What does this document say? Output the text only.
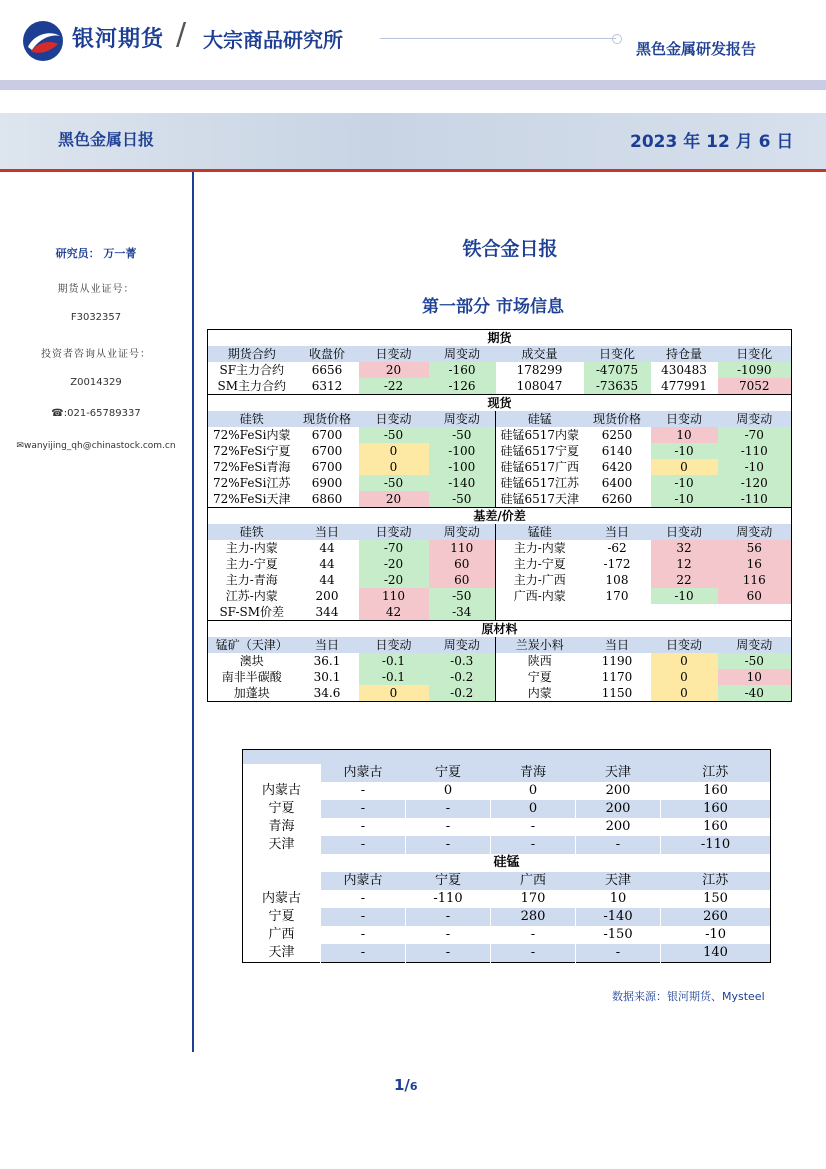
银河期货 / 大宗商品研究所	黑色金属研发报告
黑色金属日报	2023 年 12 月 6 日
研究员： 万一菁
期货从业证号：
F3032357
投资者咨询从业证号：
Z0014329
☎:021-65789337
✉wanyijing_qh@chinastock.com.cn
铁合金日报
第一部分 市场信息
期货							
期货合约	收盘价	日变动	周变动	成交量	日变化	持仓量	日变化
SF主力合约	6656	20	-160	178299	-47075	430483	-1090
SM主力合约	6312	-22	-126	108047	-73635	477991	7052
现货							
硅铁	现货价格	日变动	周变动	硅锰	现货价格	日变动	周变动
72%FeSi内蒙	6700	-50	-50	硅锰6517内蒙	6250	10	-70
72%FeSi宁夏	6700	0	-100	硅锰6517宁夏	6140	-10	-110
72%FeSi青海	6700	0	-100	硅锰6517广西	6420	0	-10
72%FeSi江苏	6900	-50	-140	硅锰6517江苏	6400	-10	-120
72%FeSi天津	6860	20	-50	硅锰6517天津	6260	-10	-110
基差/价差							
硅铁	当日	日变动	周变动	锰硅	当日	日变动	周变动
主力-内蒙	44	-70	110	主力-内蒙	-62	32	56
主力-宁夏	44	-20	60	主力-宁夏	-172	12	16
主力-青海	44	-20	60	主力-广西	108	22	116
江苏-内蒙	200	110	-50	广西-内蒙	170	-10	60
SF-SM价差	344	42	-34				
原材料							
锰矿（天津）	当日	日变动	周变动	兰炭小料	当日	日变动	周变动
澳块	36.1	-0.1	-0.3	陕西	1190	0	-50
南非半碳酸	30.1	-0.1	-0.2	宁夏	1170	0	10
加蓬块	34.6	0	-0.2	内蒙	1150	0	-40

	内蒙古	宁夏	青海	天津	江苏
内蒙古	-	0	0	200	160
宁夏	-	-	0	200	160
青海	-	-	-	200	160
天津	-	-	-	-	-110
硅锰					
	内蒙古	宁夏	广西	天津	江苏
内蒙古	-	-110	170	10	150
宁夏	-	-	280	-140	260
广西	-	-	-	-150	-10
天津	-	-	-	-	140
数据来源：银河期货、Mysteel
1/6
